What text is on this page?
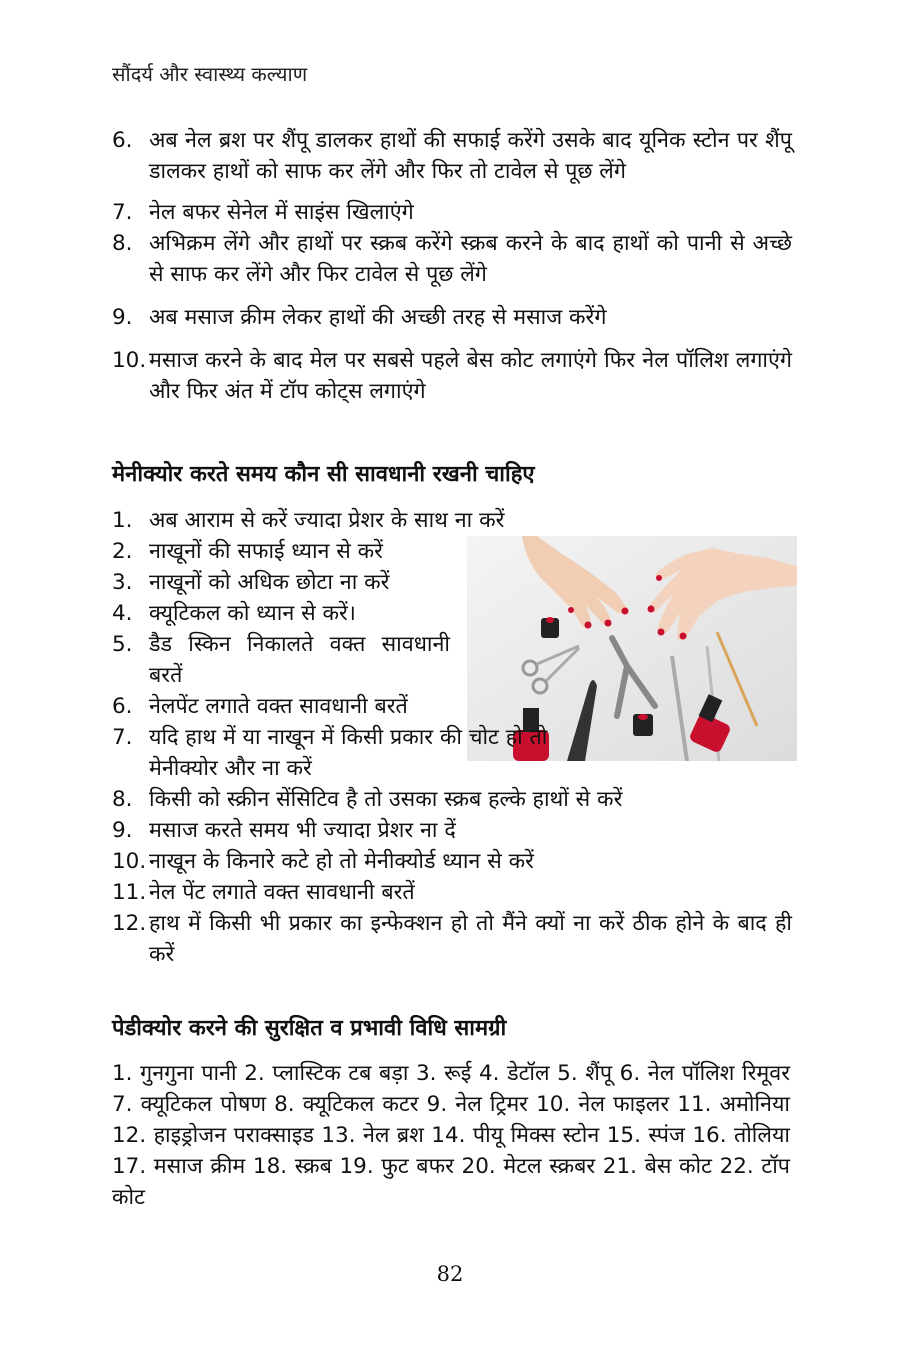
सौंदर्य और स्वास्थ्य कल्याण
6. अब नेल ब्रश पर शैंपू डालकर हाथों की सफाई करेंगे उसके बाद यूनिक स्टोन पर शैंपू डालकर हाथों को साफ कर लेंगे और फिर तो टावेल से पूछ लेंगे
7. नेल बफर सेनेल में साइंस खिलाएंगे
8. अभिक्रम लेंगे और हाथों पर स्क्रब करेंगे स्क्रब करने के बाद हाथों को पानी से अच्छे से साफ कर लेंगे और फिर टावेल से पूछ लेंगे
9. अब मसाज क्रीम लेकर हाथों की अच्छी तरह से मसाज करेंगे
10. मसाज करने के बाद मेल पर सबसे पहले बेस कोट लगाएंगे फिर नेल पॉलिश लगाएंगे और फिर अंत में टॉप कोट्स लगाएंगे
मेनीक्योर करते समय कौन सी सावधानी रखनी चाहिए
1. अब आराम से करें ज्यादा प्रेशर के साथ ना करें
2. नाखूनों की सफाई ध्यान से करें
3. नाखूनों को अधिक छोटा ना करें
4. क्यूटिकल को ध्यान से करें।
5. डैड स्किन निकालते वक्त सावधानी बरतें
6. नेलपेंट लगाते वक्त सावधानी बरतें
7. यदि हाथ में या नाखून में किसी प्रकार की चोट हो तो मेनीक्योर और ना करें
8. किसी को स्क्रीन सेंसिटिव है तो उसका स्क्रब हल्के हाथों से करें
9. मसाज करते समय भी ज्यादा प्रेशर ना दें
10. नाखून के किनारे कटे हो तो मेनीक्योर्ड ध्यान से करें
11. नेल पेंट लगाते वक्त सावधानी बरतें
12. हाथ में किसी भी प्रकार का इन्फेक्शन हो तो मैंने क्यों ना करें ठीक होने के बाद ही करें
पेडीक्योर करने की सुरक्षित व प्रभावी विधि सामग्री

1. गुनगुना पानी 2. प्लास्टिक टब बड़ा 3. रूई 4. डेटॉल 5. शैंपू 6. नेल पॉलिश रिमूवर 7. क्यूटिकल पोषण 8. क्यूटिकल कटर 9. नेल ट्रिमर 10. नेल फाइलर 11. अमोनिया 12. हाइड्रोजन पराक्साइड 13. नेल ब्रश 14. पीयू मिक्स स्टोन 15. स्पंज 16. तोलिया 17. मसाज क्रीम 18. स्क्रब 19. फुट बफर 20. मेटल स्क्रबर 21. बेस कोट 22. टॉप कोट

82
